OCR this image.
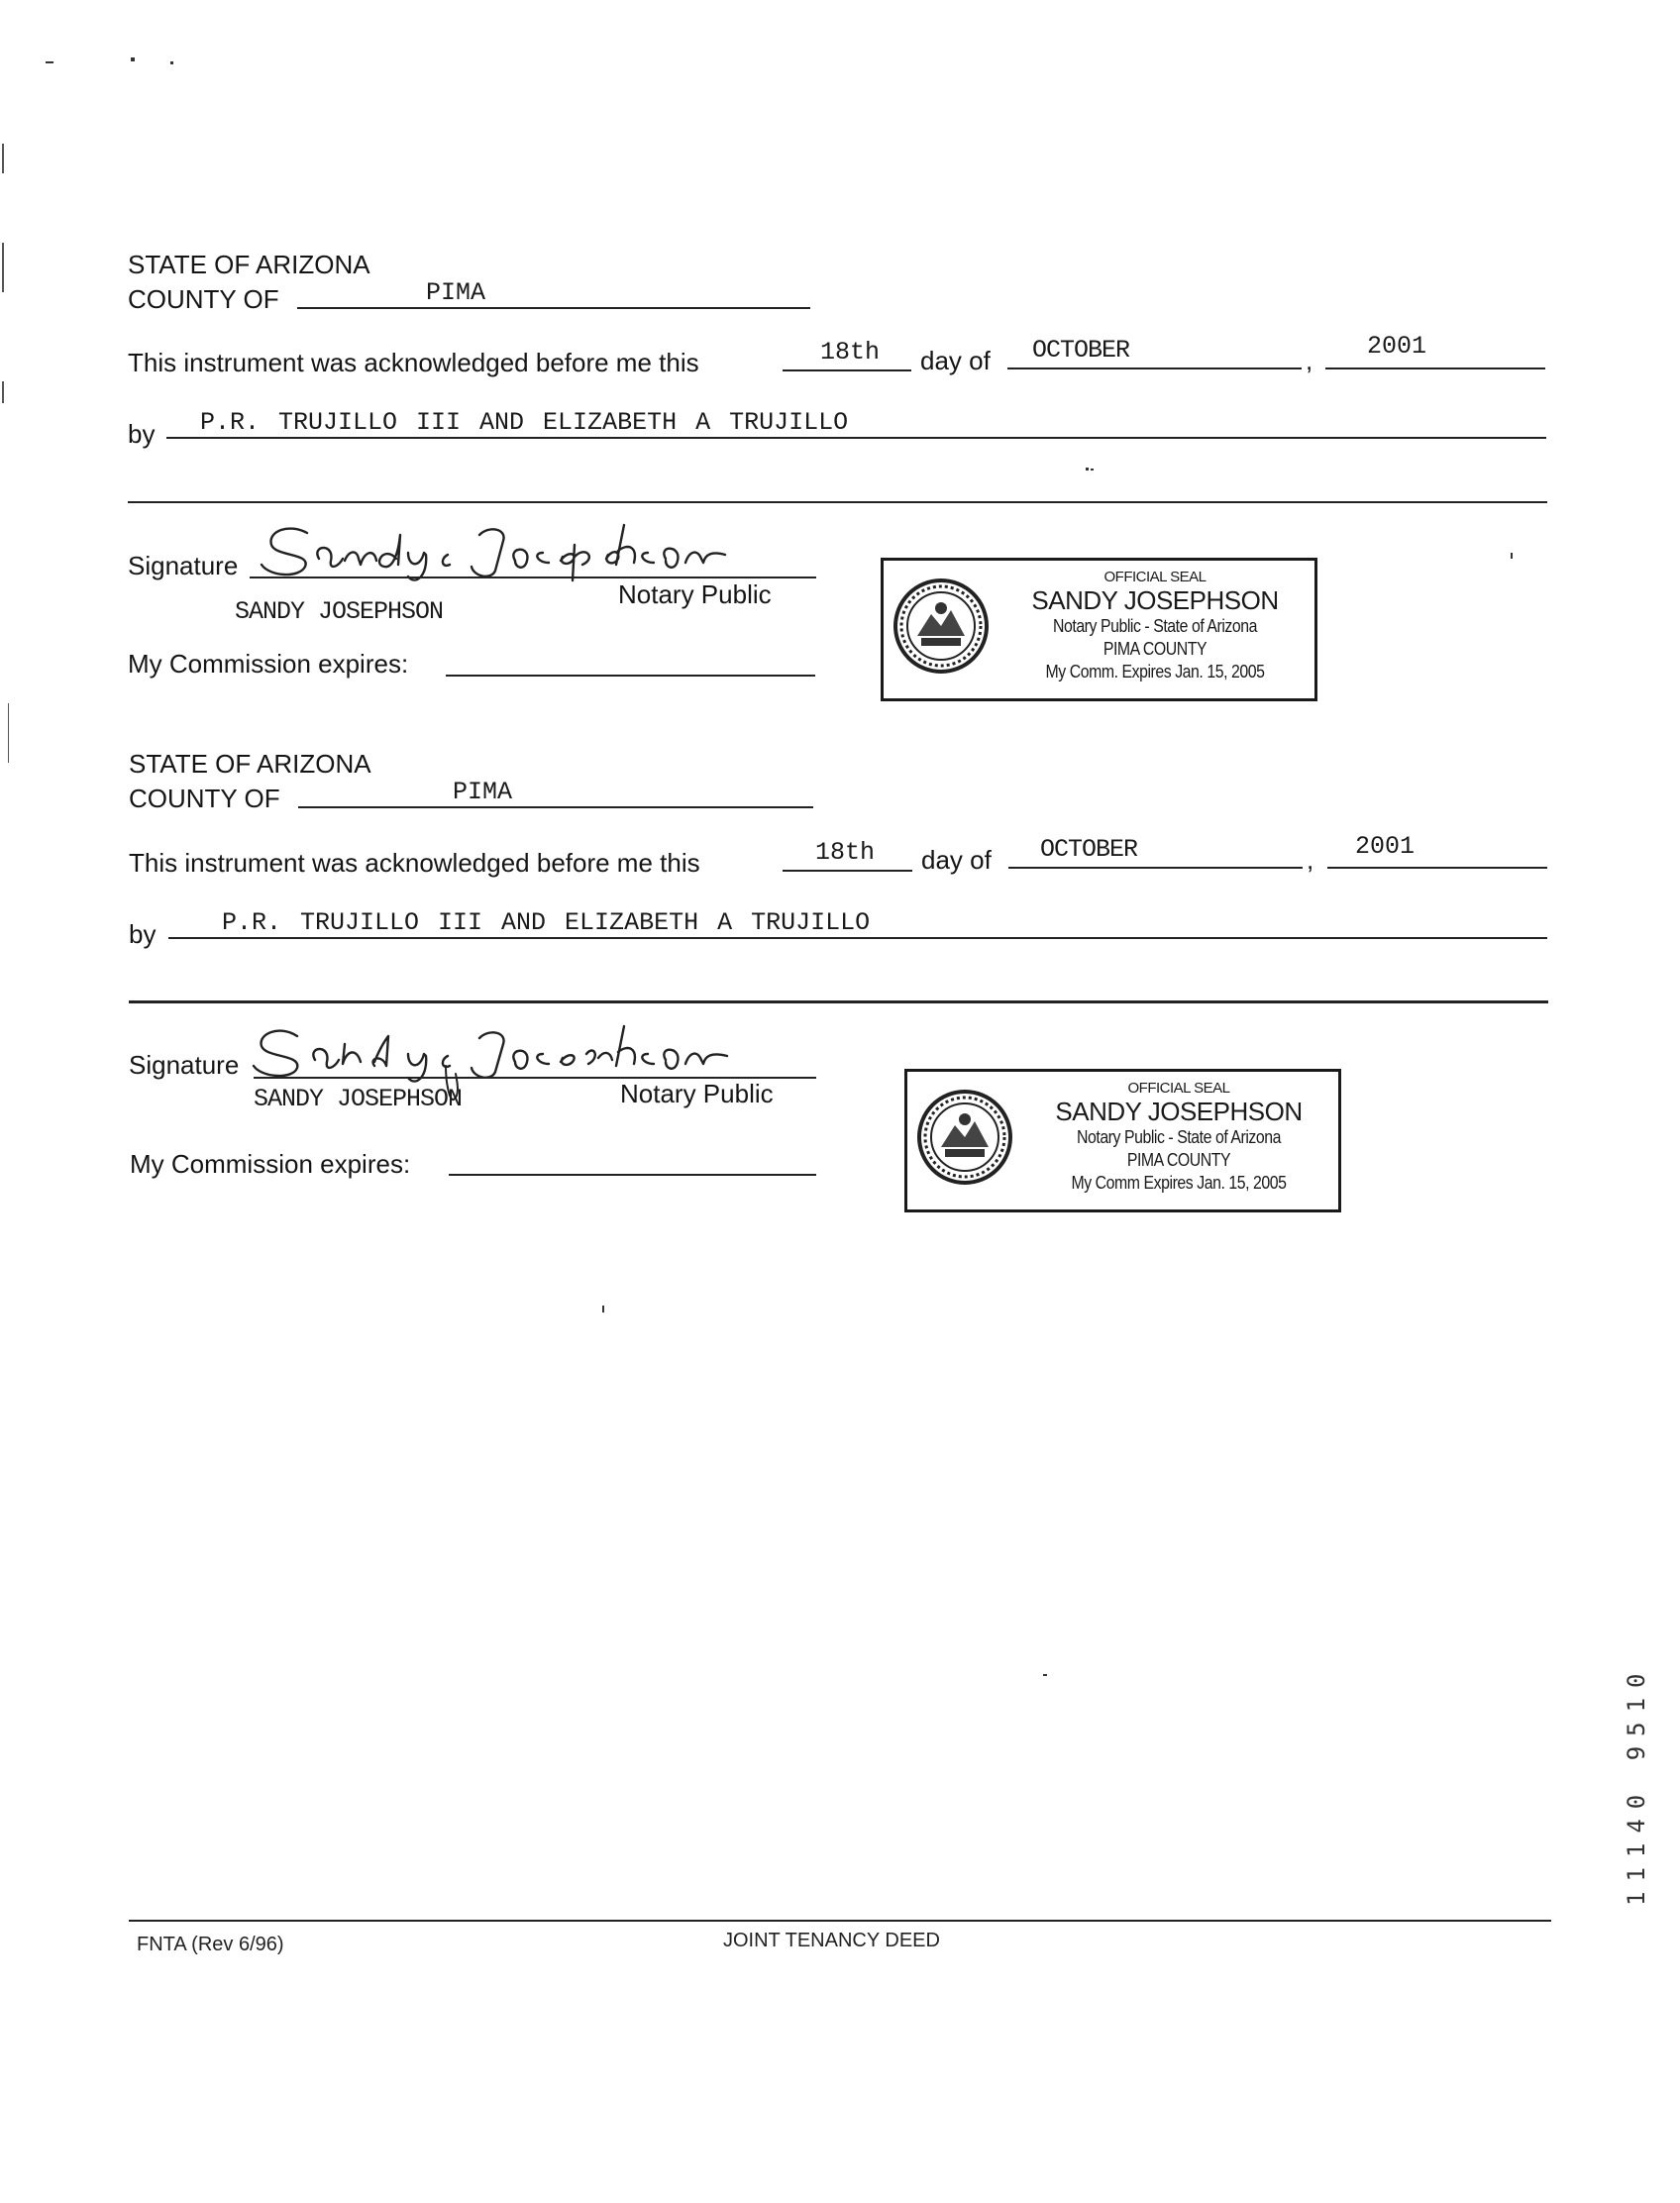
STATE OF ARIZONA
COUNTY OF	PIMA
This instrument was acknowledged before me this	18th day of OCTOBER	, 2001
by P.R. TRUJILLO III AND ELIZABETH A TRUJILLO
Signature
SANDY JOSEPHSON
Notary Public
My Commission expires:
OFFICIAL SEAL
SANDY JOSEPHSON
Notary Public - State of Arizona
PIMA COUNTY
My Comm. Expires Jan. 15, 2005
STATE OF ARIZONA
COUNTY OF	PIMA
This instrument was acknowledged before me this	18th day of OCTOBER	, 2001
by	P.R. TRUJILLO III AND ELIZABETH A TRUJILLO
Signature
SANDY JOSEPHSON	Notary Public
My Commission expires:
OFFICIAL SEAL
SANDY JOSEPHSON
Notary Public - State of Arizona
PIMA COUNTY
My Comm Expires Jan. 15, 2005
11140 9510
FNTA (Rev 6/96)	JOINT TENANCY DEED
